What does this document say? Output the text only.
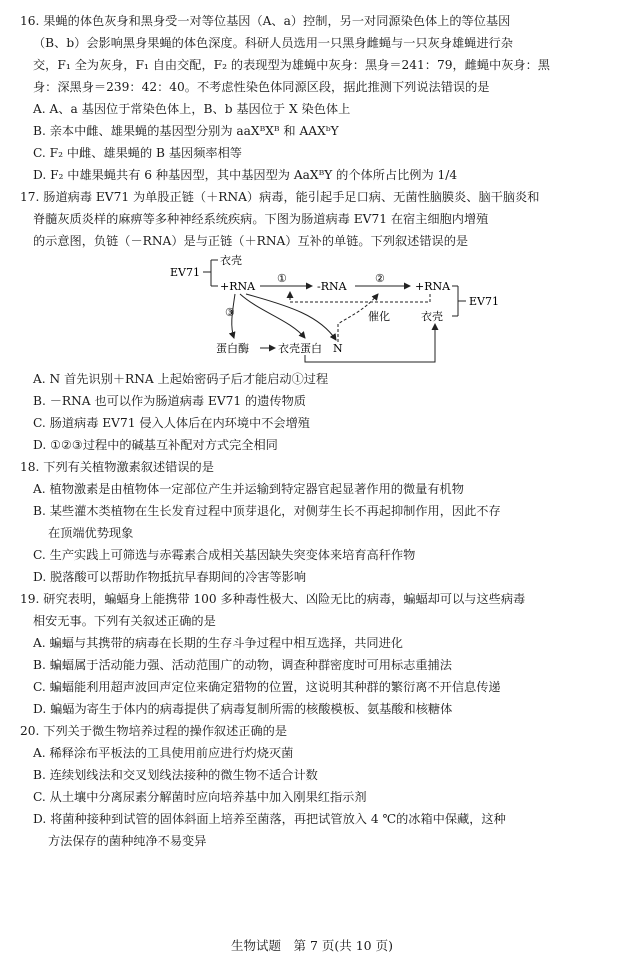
16. 果蝇的体色灰身和黑身受一对等位基因（A、a）控制，另一对同源染色体上的等位基因

（B、b）会影响黑身果蝇的体色深度。科研人员选用一只黑身雌蝇与一只灰身雄蝇进行杂

交，F₁ 全为灰身，F₁ 自由交配，F₂ 的表现型为雄蝇中灰身：黑身＝241：79，雌蝇中灰身：黑

身：深黑身＝239：42：40。不考虑性染色体同源区段，据此推测下列说法错误的是

A. A、a 基因位于常染色体上，B、b 基因位于 X 染色体上

B. 亲本中雌、雄果蝇的基因型分别为 aaXᴮXᴮ 和 AAXᵇY

C. F₂ 中雌、雄果蝇的 B 基因频率相等

D. F₂ 中雄果蝇共有 6 种基因型，其中基因型为 AaXᴮY 的个体所占比例为 1/4

17. 肠道病毒 EV71 为单股正链（＋RNA）病毒，能引起手足口病、无菌性脑膜炎、脑干脑炎和

脊髓灰质炎样的麻痹等多种神经系统疾病。下图为肠道病毒 EV71 在宿主细胞内增殖

的示意图，负链（－RNA）是与正链（＋RNA）互补的单链。下列叙述错误的是

EV71
衣壳
+RNA
①
-RNA
②
+RNA
EV71
衣壳
催化
③
蛋白酶	衣壳蛋白 N

A. N 首先识别＋RNA 上起始密码子后才能启动①过程

B. －RNA 也可以作为肠道病毒 EV71 的遗传物质

C. 肠道病毒 EV71 侵入人体后在内环境中不会增殖

D. ①②③过程中的碱基互补配对方式完全相同

18. 下列有关植物激素叙述错误的是

A. 植物激素是由植物体一定部位产生并运输到特定器官起显著作用的微量有机物

B. 某些灌木类植物在生长发育过程中顶芽退化，对侧芽生长不再起抑制作用，因此不存

在顶端优势现象

C. 生产实践上可筛选与赤霉素合成相关基因缺失突变体来培育高秆作物

D. 脱落酸可以帮助作物抵抗早春期间的冷害等影响

19. 研究表明，蝙蝠身上能携带 100 多种毒性极大、凶险无比的病毒，蝙蝠却可以与这些病毒

相安无事。下列有关叙述正确的是

A. 蝙蝠与其携带的病毒在长期的生存斗争过程中相互选择，共同进化

B. 蝙蝠属于活动能力强、活动范围广的动物，调查种群密度时可用标志重捕法

C. 蝙蝠能利用超声波回声定位来确定猎物的位置，这说明其种群的繁衍离不开信息传递

D. 蝙蝠为寄生于体内的病毒提供了病毒复制所需的核酸模板、氨基酸和核糖体

20. 下列关于微生物培养过程的操作叙述正确的是

A. 稀释涂布平板法的工具使用前应进行灼烧灭菌

B. 连续划线法和交叉划线法接种的微生物不适合计数

C. 从土壤中分离尿素分解菌时应向培养基中加入刚果红指示剂

D. 将菌种接种到试管的固体斜面上培养至菌落，再把试管放入 4 ℃的冰箱中保藏，这种

方法保存的菌种纯净不易变异

生物试题　第 7 页(共 10 页)
